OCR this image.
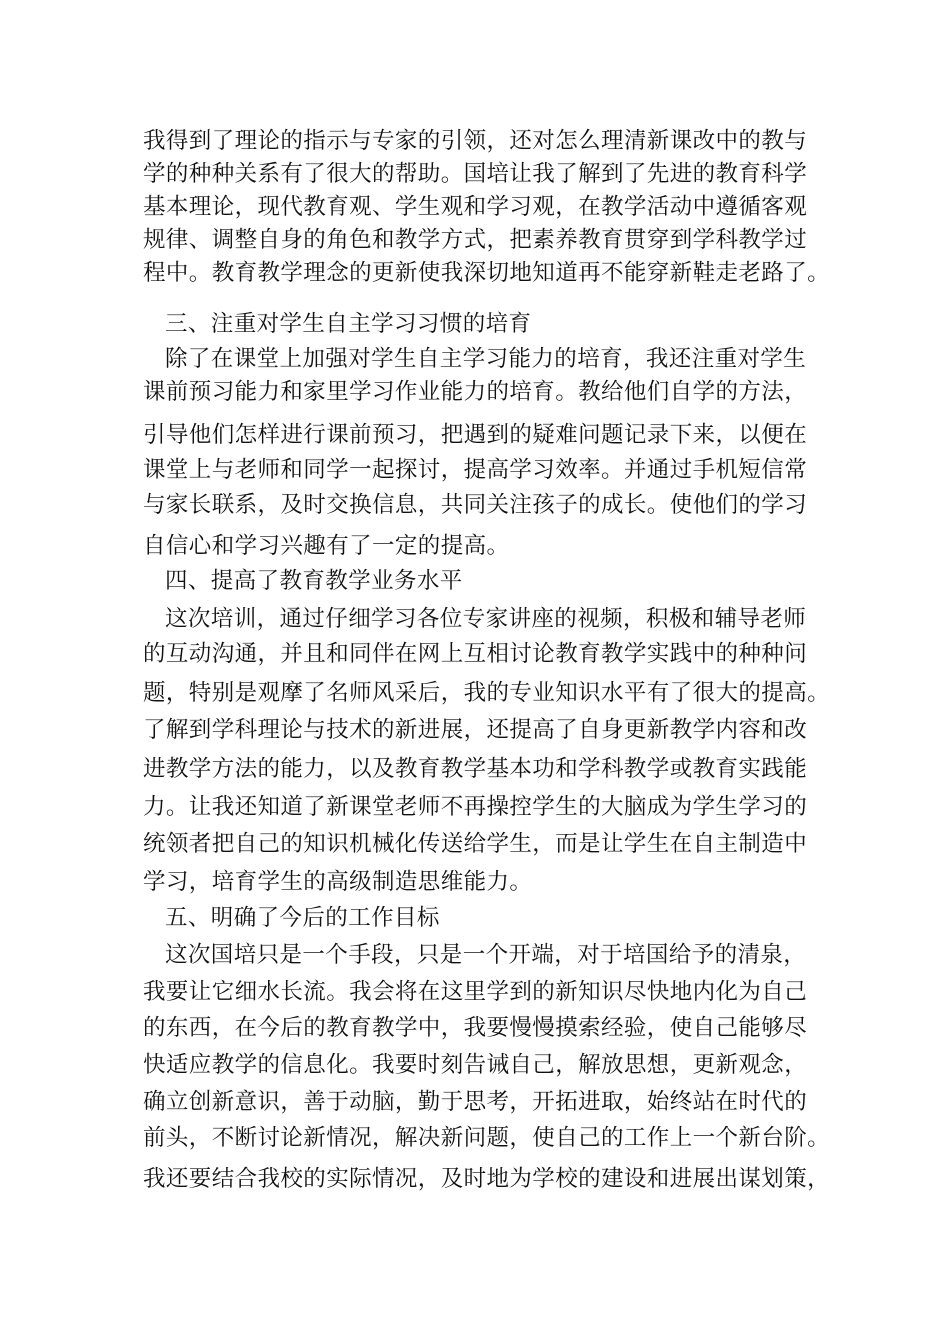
我得到了理论的指示与专家的引领，还对怎么理清新课改中的教与
学的种种关系有了很大的帮助。国培让我了解到了先进的教育科学
基本理论，现代教育观、学生观和学习观，在教学活动中遵循客观
规律、调整自身的角色和教学方式，把素养教育贯穿到学科教学过
程中。教育教学理念的更新使我深切地知道再不能穿新鞋走老路了。
三、注重对学生自主学习习惯的培育
除了在课堂上加强对学生自主学习能力的培育，我还注重对学生
课前预习能力和家里学习作业能力的培育。教给他们自学的方法，
引导他们怎样进行课前预习，把遇到的疑难问题记录下来，以便在
课堂上与老师和同学一起探讨，提高学习效率。并通过手机短信常
与家长联系，及时交换信息，共同关注孩子的成长。使他们的学习
自信心和学习兴趣有了一定的提高。
四、提高了教育教学业务水平
这次培训，通过仔细学习各位专家讲座的视频，积极和辅导老师
的互动沟通，并且和同伴在网上互相讨论教育教学实践中的种种问
题，特别是观摩了名师风采后，我的专业知识水平有了很大的提高。
了解到学科理论与技术的新进展，还提高了自身更新教学内容和改
进教学方法的能力，以及教育教学基本功和学科教学或教育实践能
力。让我还知道了新课堂老师不再操控学生的大脑成为学生学习的
统领者把自己的知识机械化传送给学生，而是让学生在自主制造中
学习，培育学生的高级制造思维能力。
五、明确了今后的工作目标
这次国培只是一个手段，只是一个开端，对于培国给予的清泉，
我要让它细水长流。我会将在这里学到的新知识尽快地内化为自己
的东西，在今后的教育教学中，我要慢慢摸索经验，使自己能够尽
快适应教学的信息化。我要时刻告诫自己，解放思想，更新观念，
确立创新意识，善于动脑，勤于思考，开拓进取，始终站在时代的
前头，不断讨论新情况，解决新问题，使自己的工作上一个新台阶。
我还要结合我校的实际情况，及时地为学校的建设和进展出谋划策，
